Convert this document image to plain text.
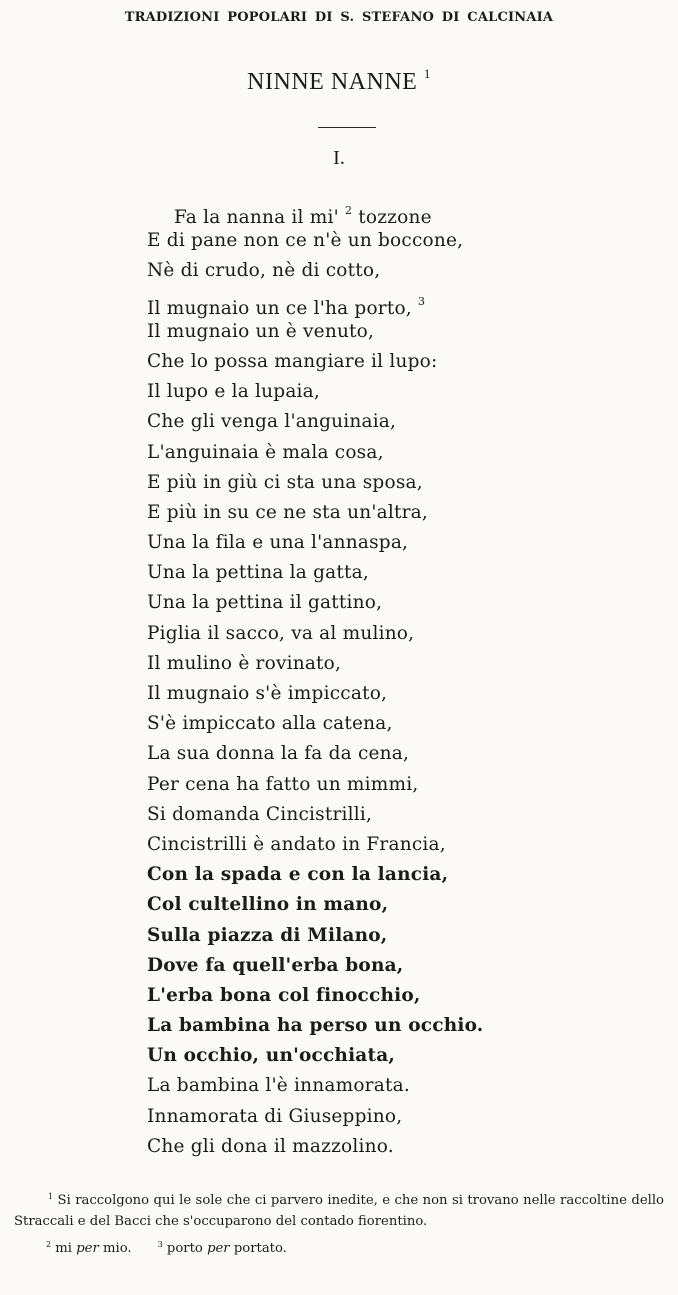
TRADIZIONI POPOLARI DI S. STEFANO DI CALCINAIA
NINNE NANNE $^1$
I.
Fa la nanna il mi' $^2$ tozzone
E di pane non ce n'è un boccone,
Nè di crudo, nè di cotto,
Il mugnaio un ce l'ha porto, $^3$
Il mugnaio un è venuto,
Che lo possa mangiare il lupo:
Il lupo e la lupaia,
Che gli venga l'anguinaia,
L'anguinaia è mala cosa,
E più in giù ci sta una sposa,
E più in su ce ne sta un'altra,
Una la fila e una l'annaspa,
Una la pettina la gatta,
Una la pettina il gattino,
Piglia il sacco, va al mulino,
Il mulino è rovinato,
Il mugnaio s'è impiccato,
S'è impiccato alla catena,
La sua donna la fa da cena,
Per cena ha fatto un mimmi,
Si domanda Cincistrilli,
Cincistrilli è andato in Francia,
Con la spada e con la lancia,
Col cultellino in mano,
Sulla piazza di Milano,
Dove fa quell'erba bona,
L'erba bona col finocchio,
La bambina ha perso un occhio.
Un occhio, un'occhiata,
La bambina l'è innamorata.
Innamorata di Giuseppino,
Che gli dona il mazzolino.

$^1$ Si raccolgono qui le sole che ci parvero inedite, e che non si trovano nelle raccoltine dello Straccali e del Bacci che s'occuparono del contado fiorentino.

$^2$ mi per mio.	$^3$ porto per portato.
